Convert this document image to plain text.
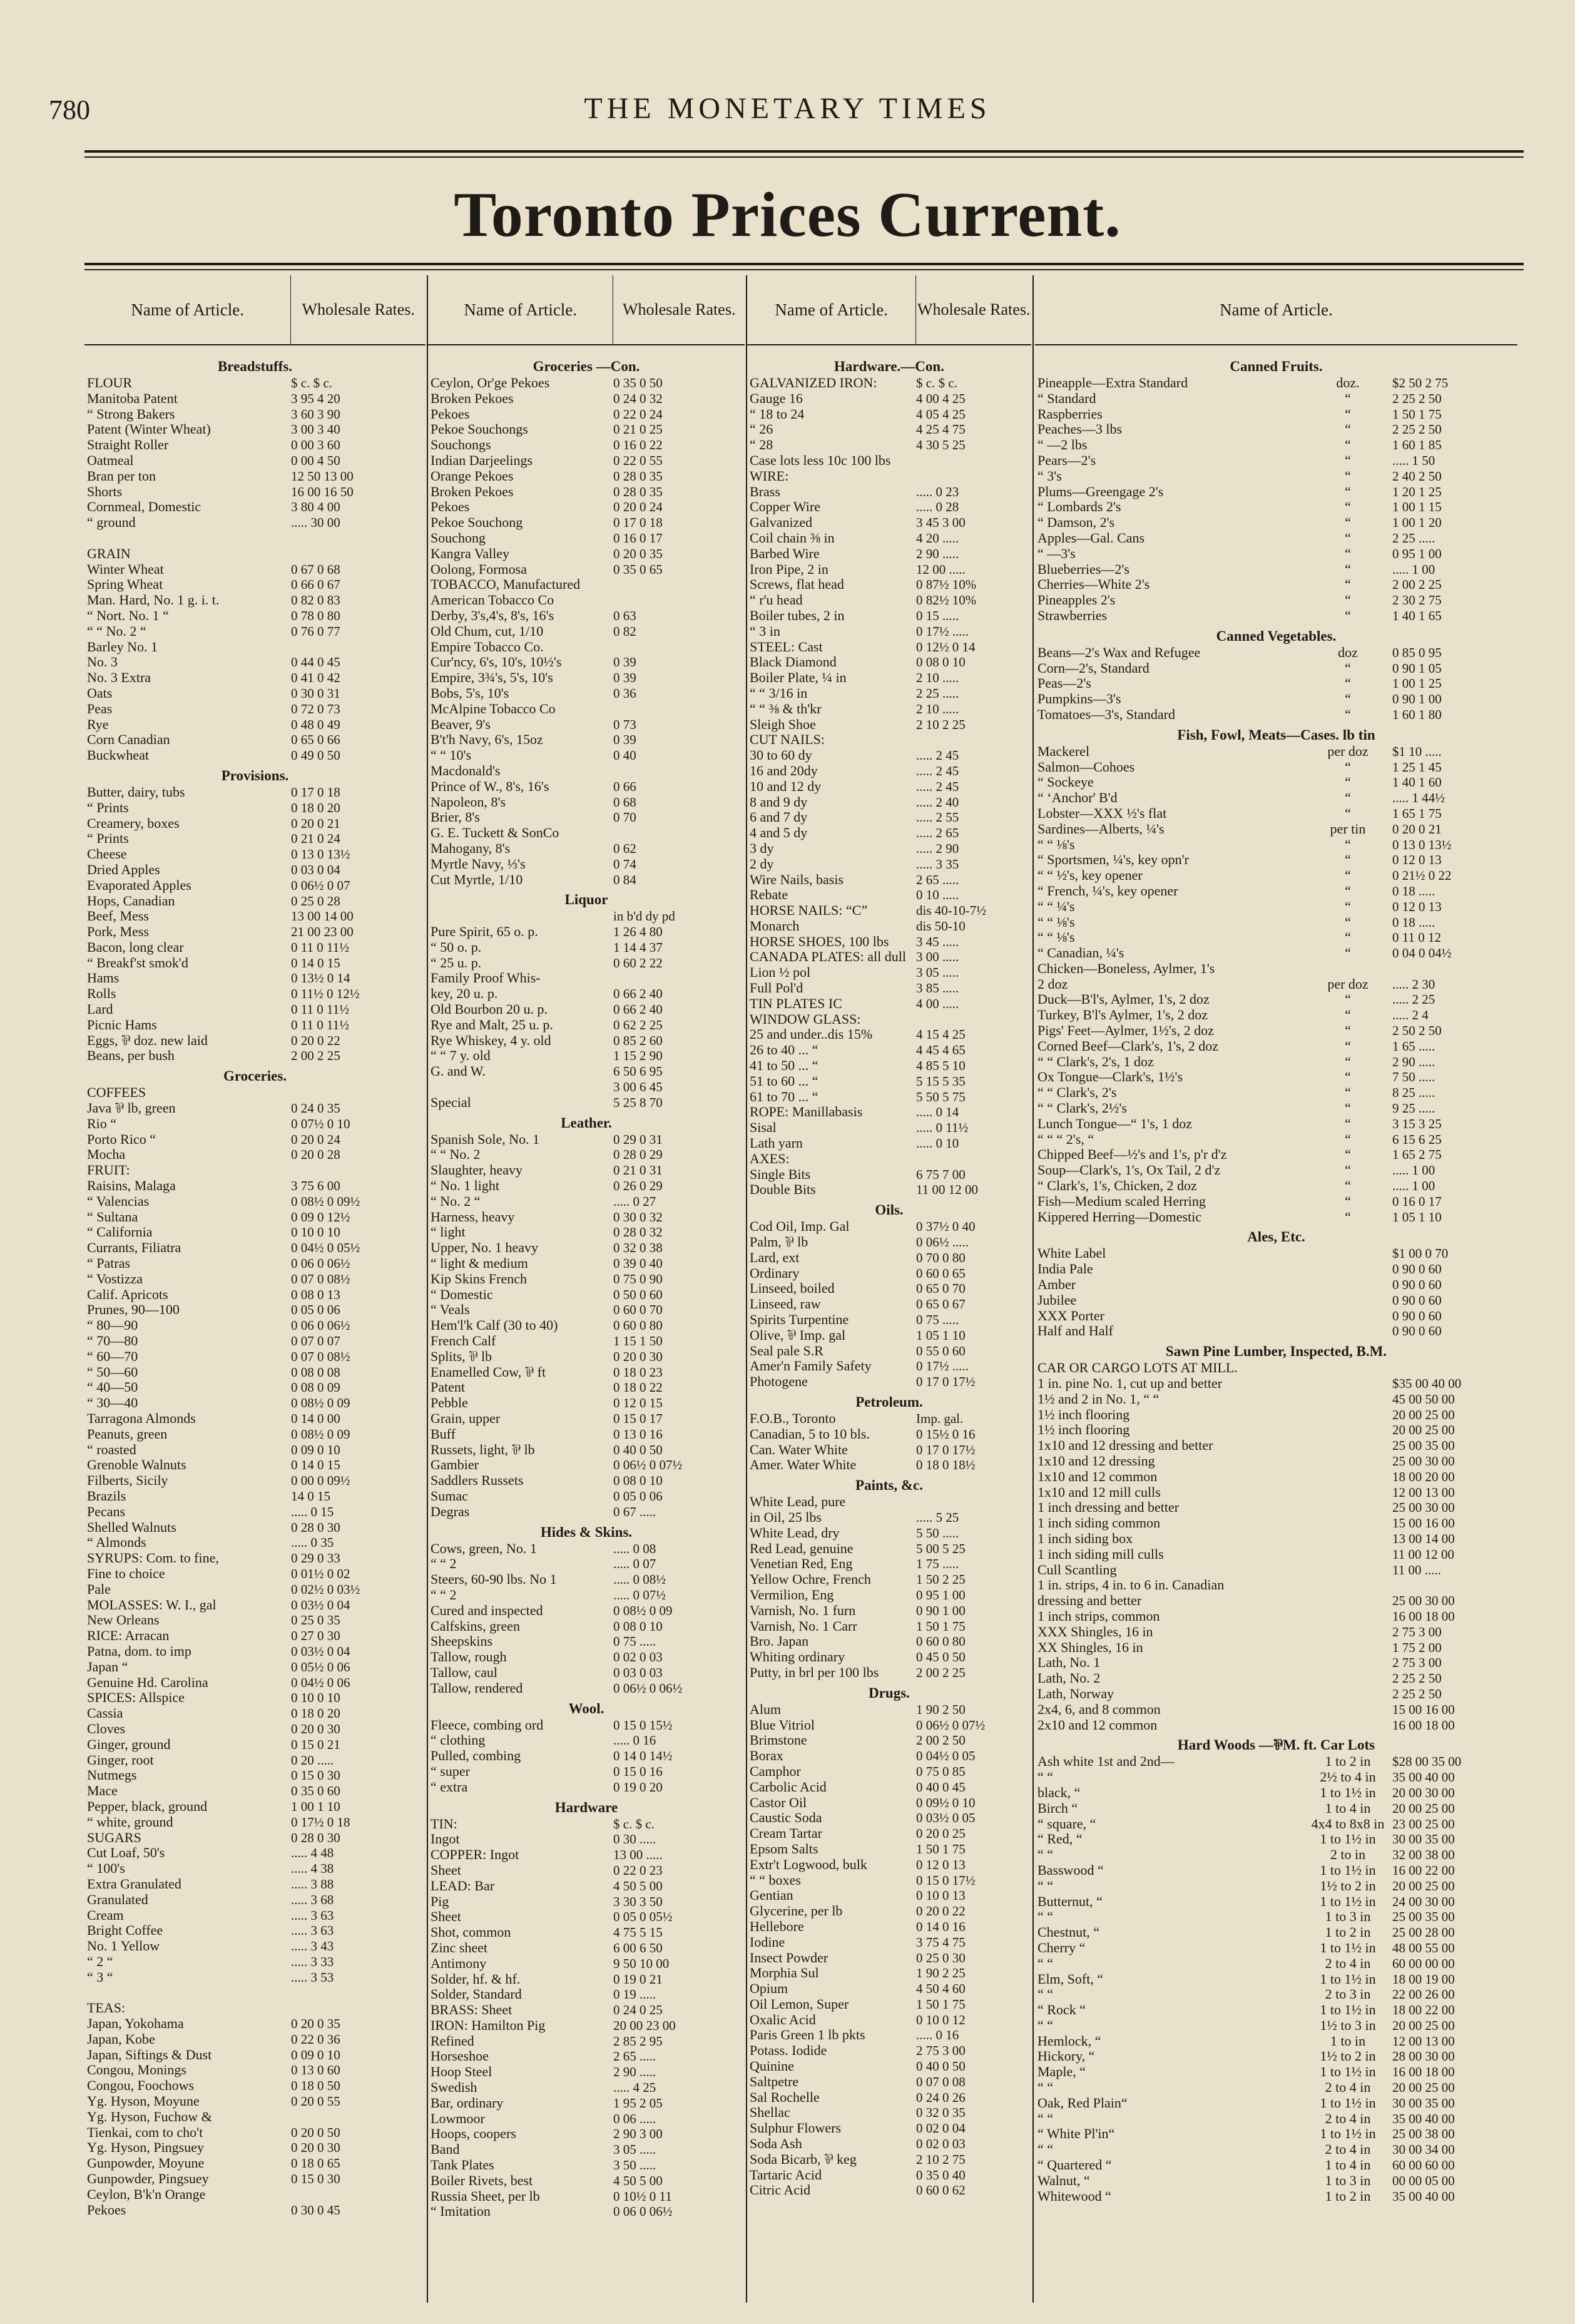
780	THE MONETARY TIMES
Toronto Prices Current.
Name of Article.	Wholesale Rates.
Breadstuffs.
FLOUR	$ c. $ c.
Manitoba Patent	3 95 4 20
“ Strong Bakers	3 60 3 90
Patent (Winter Wheat)	3 00 3 40
Straight Roller	0 00 3 60
Oatmeal	0 00 4 50
Bran per ton	12 50 13 00
Shorts	16 00 16 50
Cornmeal, Domestic	3 80 4 00
“ ground	..... 30 00
GRAIN
Winter Wheat	0 67 0 68
Spring Wheat	0 66 0 67
Man. Hard, No. 1 g. i. t.	0 82 0 83
“ Nort. No. 1 “	0 78 0 80
“ “ No. 2 “	0 76 0 77
Barley No. 1
No. 3	0 44 0 45
No. 3 Extra	0 41 0 42
Oats	0 30 0 31
Peas	0 72 0 73
Rye	0 48 0 49
Corn Canadian	0 65 0 66
Buckwheat	0 49 0 50
Provisions.
Butter, dairy, tubs	0 17 0 18
“ Prints	0 18 0 20
Creamery, boxes	0 20 0 21
“ Prints	0 21 0 24
Cheese	0 13 0 13½
Dried Apples	0 03 0 04
Evaporated Apples	0 06½ 0 07
Hops, Canadian	0 25 0 28
Beef, Mess	13 00 14 00
Pork, Mess	21 00 23 00
Bacon, long clear	0 11 0 11½
“ Breakf'st smok'd	0 14 0 15
Hams	0 13½ 0 14
Rolls	0 11½ 0 12½
Lard	0 11 0 11½
Picnic Hams	0 11 0 11½
Eggs, ⅌ doz. new laid	0 20 0 22
Beans, per bush	2 00 2 25
Groceries.
COFFEES
Java ⅌ lb, green	0 24 0 35
Rio “	0 07½ 0 10
Porto Rico “	0 20 0 24
Mocha	0 20 0 28
FRUIT:
Raisins, Malaga	3 75 6 00
“ Valencias	0 08½ 0 09½
“ Sultana	0 09 0 12½
“ California	0 10 0 10
Currants, Filiatra	0 04½ 0 05½
“ Patras	0 06 0 06½
“ Vostizza	0 07 0 08½
Calif. Apricots	0 08 0 13
Prunes, 90—100	0 05 0 06
“ 80—90	0 06 0 06½
“ 70—80	0 07 0 07
“ 60—70	0 07 0 08½
“ 50—60	0 08 0 08
“ 40—50	0 08 0 09
“ 30—40	0 08½ 0 09
Tarragona Almonds	0 14 0 00
Peanuts, green	0 08½ 0 09
“ roasted	0 09 0 10
Grenoble Walnuts	0 14 0 15
Filberts, Sicily	0 00 0 09½
Brazils	14 0 15
Pecans	..... 0 15
Shelled Walnuts	0 28 0 30
“ Almonds	..... 0 35
SYRUPS: Com. to fine,	0 29 0 33
Fine to choice	0 01½ 0 02
Pale	0 02½ 0 03½
MOLASSES: W. I., gal	0 03½ 0 04
New Orleans	0 25 0 35
RICE: Arracan	0 27 0 30
Patna, dom. to imp	0 03½ 0 04
Japan “	0 05½ 0 06
Genuine Hd. Carolina	0 04½ 0 06
SPICES: Allspice	0 10 0 10
Cassia	0 18 0 20
Cloves	0 20 0 30
Ginger, ground	0 15 0 21
Ginger, root	0 20 .....
Nutmegs	0 15 0 30
Mace	0 35 0 60
Pepper, black, ground	1 00 1 10
“ white, ground	0 17½ 0 18
SUGARS	0 28 0 30
Cut Loaf, 50's	..... 4 48
“ 100's	..... 4 38
Extra Granulated	..... 3 88
Granulated	..... 3 68
Cream	..... 3 63
Bright Coffee	..... 3 63
No. 1 Yellow	..... 3 43
“ 2 “	..... 3 33
“ 3 “	..... 3 53
TEAS:
Japan, Yokohama	0 20 0 35
Japan, Kobe	0 22 0 36
Japan, Siftings & Dust	0 09 0 10
Congou, Monings	0 13 0 60
Congou, Foochows	0 18 0 50
Yg. Hyson, Moyune	0 20 0 55
Yg. Hyson, Fuchow &
Tienkai, com to cho't	0 20 0 50
Yg. Hyson, Pingsuey	0 20 0 30
Gunpowder, Moyune	0 18 0 65
Gunpowder, Pingsuey	0 15 0 30
Ceylon, B'k'n Orange
Pekoes	0 30 0 45
Name of Article.	Wholesale Rates.
Groceries —Con.
Ceylon, Or'ge Pekoes	0 35 0 50
Broken Pekoes	0 24 0 32
Pekoes	0 22 0 24
Pekoe Souchongs	0 21 0 25
Souchongs	0 16 0 22
Indian Darjeelings	0 22 0 55
Orange Pekoes	0 28 0 35
Broken Pekoes	0 28 0 35
Pekoes	0 20 0 24
Pekoe Souchong	0 17 0 18
Souchong	0 16 0 17
Kangra Valley	0 20 0 35
Oolong, Formosa	0 35 0 65
TOBACCO, Manufactured
American Tobacco Co
Derby, 3's,4's, 8's, 16's	0 63
Old Chum, cut, 1/10	0 82
Empire Tobacco Co.
Cur'ncy, 6's, 10's, 10½'s	0 39
Empire, 3¾'s, 5's, 10's	0 39
Bobs, 5's, 10's	0 36
McAlpine Tobacco Co
Beaver, 9's	0 73
B't'h Navy, 6's, 15oz	0 39
“ “ 10's	0 40
Macdonald's
Prince of W., 8's, 16's	0 66
Napoleon, 8's	0 68
Brier, 8's	0 70
G. E. Tuckett & SonCo
Mahogany, 8's	0 62
Myrtle Navy, ⅓'s	0 74
Cut Myrtle, 1/10	0 84
Liquor
in b'd dy pd
Pure Spirit, 65 o. p.	1 26 4 80
“ 50 o. p.	1 14 4 37
“ 25 u. p.	0 60 2 22
Family Proof Whis-
key, 20 u. p.	0 66 2 40
Old Bourbon 20 u. p.	0 66 2 40
Rye and Malt, 25 u. p.	0 62 2 25
Rye Whiskey, 4 y. old	0 85 2 60
“ “ 7 y. old	1 15 2 90
G. and W.	6 50 6 95
3 00 6 45
Special	5 25 8 70
Leather.
Spanish Sole, No. 1	0 29 0 31
“ “ No. 2	0 28 0 29
Slaughter, heavy	0 21 0 31
“ No. 1 light	0 26 0 29
“ No. 2 “	..... 0 27
Harness, heavy	0 30 0 32
“ light	0 28 0 32
Upper, No. 1 heavy	0 32 0 38
“ light & medium	0 39 0 40
Kip Skins French	0 75 0 90
“ Domestic	0 50 0 60
“ Veals	0 60 0 70
Hem'l'k Calf (30 to 40)	0 60 0 80
French Calf	1 15 1 50
Splits, ⅌ lb	0 20 0 30
Enamelled Cow, ⅌ ft	0 18 0 23
Patent	0 18 0 22
Pebble	0 12 0 15
Grain, upper	0 15 0 17
Buff	0 13 0 16
Russets, light, ⅌ lb	0 40 0 50
Gambier	0 06½ 0 07½
Saddlers Russets	0 08 0 10
Sumac	0 05 0 06
Degras	0 67 .....
Hides & Skins.
Cows, green, No. 1	..... 0 08
“ “ 2	..... 0 07
Steers, 60-90 lbs. No 1	..... 0 08½
“ “ 2	..... 0 07½
Cured and inspected	0 08½ 0 09
Calfskins, green	0 08 0 10
Sheepskins	0 75 .....
Tallow, rough	0 02 0 03
Tallow, caul	0 03 0 03
Tallow, rendered	0 06½ 0 06½
Wool.
Fleece, combing ord	0 15 0 15½
“ clothing	..... 0 16
Pulled, combing	0 14 0 14½
“ super	0 15 0 16
“ extra	0 19 0 20
Hardware
TIN:	$ c. $ c.
Ingot	0 30 .....
COPPER: Ingot	13 00 .....
Sheet	0 22 0 23
LEAD: Bar	4 50 5 00
Pig	3 30 3 50
Sheet	0 05 0 05½
Shot, common	4 75 5 15
Zinc sheet	6 00 6 50
Antimony	9 50 10 00
Solder, hf. & hf.	0 19 0 21
Solder, Standard	0 19 .....
BRASS: Sheet	0 24 0 25
IRON: Hamilton Pig	20 00 23 00
Refined	2 85 2 95
Horseshoe	2 65 .....
Hoop Steel	2 90 .....
Swedish	..... 4 25
Bar, ordinary	1 95 2 05
Lowmoor	0 06 .....
Hoops, coopers	2 90 3 00
Band	3 05 .....
Tank Plates	3 50 .....
Boiler Rivets, best	4 50 5 00
Russia Sheet, per lb	0 10½ 0 11
“ Imitation	0 06 0 06½
Name of Article.	Wholesale Rates.
Hardware.—Con.
GALVANIZED IRON:	$ c. $ c.
Gauge 16	4 00 4 25
“ 18 to 24	4 05 4 25
“ 26	4 25 4 75
“ 28	4 30 5 25
Case lots less 10c 100 lbs
WIRE:
Brass	..... 0 23
Copper Wire	..... 0 28
Galvanized	3 45 3 00
Coil chain ⅜ in	4 20 .....
Barbed Wire	2 90 .....
Iron Pipe, 2 in	12 00 .....
Screws, flat head	0 87½ 10%
“ r'u head	0 82½ 10%
Boiler tubes, 2 in	0 15 .....
“ 3 in	0 17½ .....
STEEL: Cast	0 12½ 0 14
Black Diamond	0 08 0 10
Boiler Plate, ¼ in	2 10 .....
“ “ 3/16 in	2 25 .....
“ “ ⅜ & th'kr	2 10 .....
Sleigh Shoe	2 10 2 25
CUT NAILS:
30 to 60 dy	..... 2 45
16 and 20dy	..... 2 45
10 and 12 dy	..... 2 45
8 and 9 dy	..... 2 40
6 and 7 dy	..... 2 55
4 and 5 dy	..... 2 65
3 dy	..... 2 90
2 dy	..... 3 35
Wire Nails, basis	2 65 .....
Rebate	0 10 .....
HORSE NAILS: “C”	dis 40-10-7½
Monarch	dis 50-10
HORSE SHOES, 100 lbs	3 45 .....
CANADA PLATES: all dull 3 00 .....
Lion ½ pol	3 05 .....
Full Pol'd	3 85 .....
TIN PLATES IC	4 00 .....
WINDOW GLASS:
25 and under..dis 15%	4 15 4 25
26 to 40 ... “	4 45 4 65
41 to 50 ... “	4 85 5 10
51 to 60 ... “	5 15 5 35
61 to 70 ... “	5 50 5 75
ROPE: Manillabasis	..... 0 14
Sisal	..... 0 11½
Lath yarn	..... 0 10
AXES:
Single Bits	6 75 7 00
Double Bits	11 00 12 00
Oils.
Cod Oil, Imp. Gal	0 37½ 0 40
Palm, ⅌ lb	0 06½ .....
Lard, ext	0 70 0 80
Ordinary	0 60 0 65
Linseed, boiled	0 65 0 70
Linseed, raw	0 65 0 67
Spirits Turpentine	0 75 .....
Olive, ⅌ Imp. gal	1 05 1 10
Seal pale S.R	0 55 0 60
Amer'n Family Safety	0 17½ .....
Photogene	0 17 0 17½
Petroleum.
F.O.B., Toronto	Imp. gal.
Canadian, 5 to 10 bls.	0 15½ 0 16
Can. Water White	0 17 0 17½
Amer. Water White	0 18 0 18½
Paints, &c.
White Lead, pure
in Oil, 25 lbs	..... 5 25
White Lead, dry	5 50 .....
Red Lead, genuine	5 00 5 25
Venetian Red, Eng	1 75 .....
Yellow Ochre, French	1 50 2 25
Vermilion, Eng	0 95 1 00
Varnish, No. 1 furn	0 90 1 00
Varnish, No. 1 Carr	1 50 1 75
Bro. Japan	0 60 0 80
Whiting ordinary	0 45 0 50
Putty, in brl per 100 lbs	2 00 2 25
Drugs.
Alum	1 90 2 50
Blue Vitriol	0 06½ 0 07½
Brimstone	2 00 2 50
Borax	0 04½ 0 05
Camphor	0 75 0 85
Carbolic Acid	0 40 0 45
Castor Oil	0 09½ 0 10
Caustic Soda	0 03½ 0 05
Cream Tartar	0 20 0 25
Epsom Salts	1 50 1 75
Extr't Logwood, bulk	0 12 0 13
“ “ boxes	0 15 0 17½
Gentian	0 10 0 13
Glycerine, per lb	0 20 0 22
Hellebore	0 14 0 16
Iodine	3 75 4 75
Insect Powder	0 25 0 30
Morphia Sul	1 90 2 25
Opium	4 50 4 60
Oil Lemon, Super	1 50 1 75
Oxalic Acid	0 10 0 12
Paris Green 1 lb pkts	..... 0 16
Potass. Iodide	2 75 3 00
Quinine	0 40 0 50
Saltpetre	0 07 0 08
Sal Rochelle	0 24 0 26
Shellac	0 32 0 35
Sulphur Flowers	0 02 0 04
Soda Ash	0 02 0 03
Soda Bicarb, ⅌ keg	2 10 2 75
Tartaric Acid	0 35 0 40
Citric Acid	0 60 0 62
Name of Article.
Canned Fruits.
Pineapple—Extra Standard	doz.	$2 50 2 75
“ Standard	“	2 25 2 50
Raspberries	“	1 50 1 75
Peaches—3 lbs	“	2 25 2 50
“ —2 lbs	“	1 60 1 85
Pears—2's	“	..... 1 50
“ 3's	“	2 40 2 50
Plums—Greengage 2's	“	1 20 1 25
“ Lombards 2's	“	1 00 1 15
“ Damson, 2's	“	1 00 1 20
Apples—Gal. Cans	“	2 25 .....
“ —3's	“	0 95 1 00
Blueberries—2's	“	..... 1 00
Cherries—White 2's	“	2 00 2 25
Pineapples 2's	“	2 30 2 75
Strawberries	“	1 40 1 65
Canned Vegetables.
Beans—2's Wax and Refugee	doz	0 85 0 95
Corn—2's, Standard	“	0 90 1 05
Peas—2's	“	1 00 1 25
Pumpkins—3's	“	0 90 1 00
Tomatoes—3's, Standard	“	1 60 1 80
Fish, Fowl, Meats—Cases. lb tin
Mackerel	per doz	$1 10 .....
Salmon—Cohoes	“	1 25 1 45
“ Sockeye	“	1 40 1 60
“ ‘Anchor' B'd	“	..... 1 44½
Lobster—XXX ½'s flat	“	1 65 1 75
Sardines—Alberts, ¼'s	per tin	0 20 0 21
“ “ ⅛'s	“	0 13 0 13½
“ Sportsmen, ¼'s, key opn'r	“	0 12 0 13
“ “ ½'s, key opener	“	0 21½ 0 22
“ French, ¼'s, key opener	“	0 18 .....
“ “ ¼'s	“	0 12 0 13
“ “ ⅛'s	“	0 18 .....
“ “ ⅛'s	“	0 11 0 12
“ Canadian, ¼'s	“	0 04 0 04½
Chicken—Boneless, Aylmer, 1's
2 doz	per doz	..... 2 30
Duck—B'l's, Aylmer, 1's, 2 doz	“	..... 2 25
Turkey, B'l's Aylmer, 1's, 2 doz	“	..... 2 4
Pigs' Feet—Aylmer, 1½'s, 2 doz	“	2 50 2 50
Corned Beef—Clark's, 1's, 2 doz	“	1 65 .....
“ “ Clark's, 2's, 1 doz	“	2 90 .....
Ox Tongue—Clark's, 1½'s	“	7 50 .....
“ “ Clark's, 2's	“	8 25 .....
“ “ Clark's, 2½'s	“	9 25 .....
Lunch Tongue—“ 1's, 1 doz	“	3 15 3 25
“ “ “ 2's, “	“	6 15 6 25
Chipped Beef—½'s and 1's, p'r d'z	“	1 65 2 75
Soup—Clark's, 1's, Ox Tail, 2 d'z	“	..... 1 00
“ Clark's, 1's, Chicken, 2 doz	“	..... 1 00
Fish—Medium scaled Herring	“	0 16 0 17
Kippered Herring—Domestic	“	1 05 1 10
Ales, Etc.
White Label	$1 00 0 70
India Pale	0 90 0 60
Amber	0 90 0 60
Jubilee	0 90 0 60
XXX Porter	0 90 0 60
Half and Half	0 90 0 60
Sawn Pine Lumber, Inspected, B.M.
CAR OR CARGO LOTS AT MILL.
1 in. pine No. 1, cut up and better	$35 00 40 00
1½ and 2 in No. 1, “ “	45 00 50 00
1½ inch flooring	20 00 25 00
1½ inch flooring	20 00 25 00
1x10 and 12 dressing and better	25 00 35 00
1x10 and 12 dressing	25 00 30 00
1x10 and 12 common	18 00 20 00
1x10 and 12 mill culls	12 00 13 00
1 inch dressing and better	25 00 30 00
1 inch siding common	15 00 16 00
1 inch siding box	13 00 14 00
1 inch siding mill culls	11 00 12 00
Cull Scantling	11 00 .....
1 in. strips, 4 in. to 6 in. Canadian
dressing and better	25 00 30 00
1 inch strips, common	16 00 18 00
XXX Shingles, 16 in	2 75 3 00
XX Shingles, 16 in	1 75 2 00
Lath, No. 1	2 75 3 00
Lath, No. 2	2 25 2 50
Lath, Norway	2 25 2 50
2x4, 6, and 8 common	15 00 16 00
2x10 and 12 common	16 00 18 00
Hard Woods —⅌M. ft. Car Lots
Ash white 1st and 2nd—	1 to 2 in	$28 00 35 00
“ “	2½ to 4 in	35 00 40 00
black, “	1 to 1½ in	20 00 30 00
Birch “	1 to 4 in	20 00 25 00
“ square, “	4x4 to 8x8 in 23 00 25 00
“ Red, “	1 to 1½ in	30 00 35 00
“ “	2 to in	32 00 38 00
Basswood “	1 to 1½ in	16 00 22 00
“ “	1½ to 2 in	20 00 25 00
Butternut, “	1 to 1½ in	24 00 30 00
“ “	1 to 3 in	25 00 35 00
Chestnut, “	1 to 2 in	25 00 28 00
Cherry “	1 to 1½ in	48 00 55 00
“ “	2 to 4 in	60 00 00 00
Elm, Soft, “	1 to 1½ in	18 00 19 00
“ “	2 to 3 in	22 00 26 00
“ Rock “	1 to 1½ in	18 00 22 00
“ “	1½ to 3 in	20 00 25 00
Hemlock, “	1 to in	12 00 13 00
Hickory, “	1½ to 2 in	28 00 30 00
Maple, “	1 to 1½ in	16 00 18 00
“ “	2 to 4 in	20 00 25 00
Oak, Red Plain“	1 to 1½ in	30 00 35 00
“ “	2 to 4 in	35 00 40 00
“ White Pl'in“	1 to 1½ in	25 00 38 00
“ “	2 to 4 in	30 00 34 00
“ Quartered “	1 to 4 in	60 00 60 00
Walnut, “	1 to 3 in	00 00 05 00
Whitewood “	1 to 2 in	35 00 40 00
